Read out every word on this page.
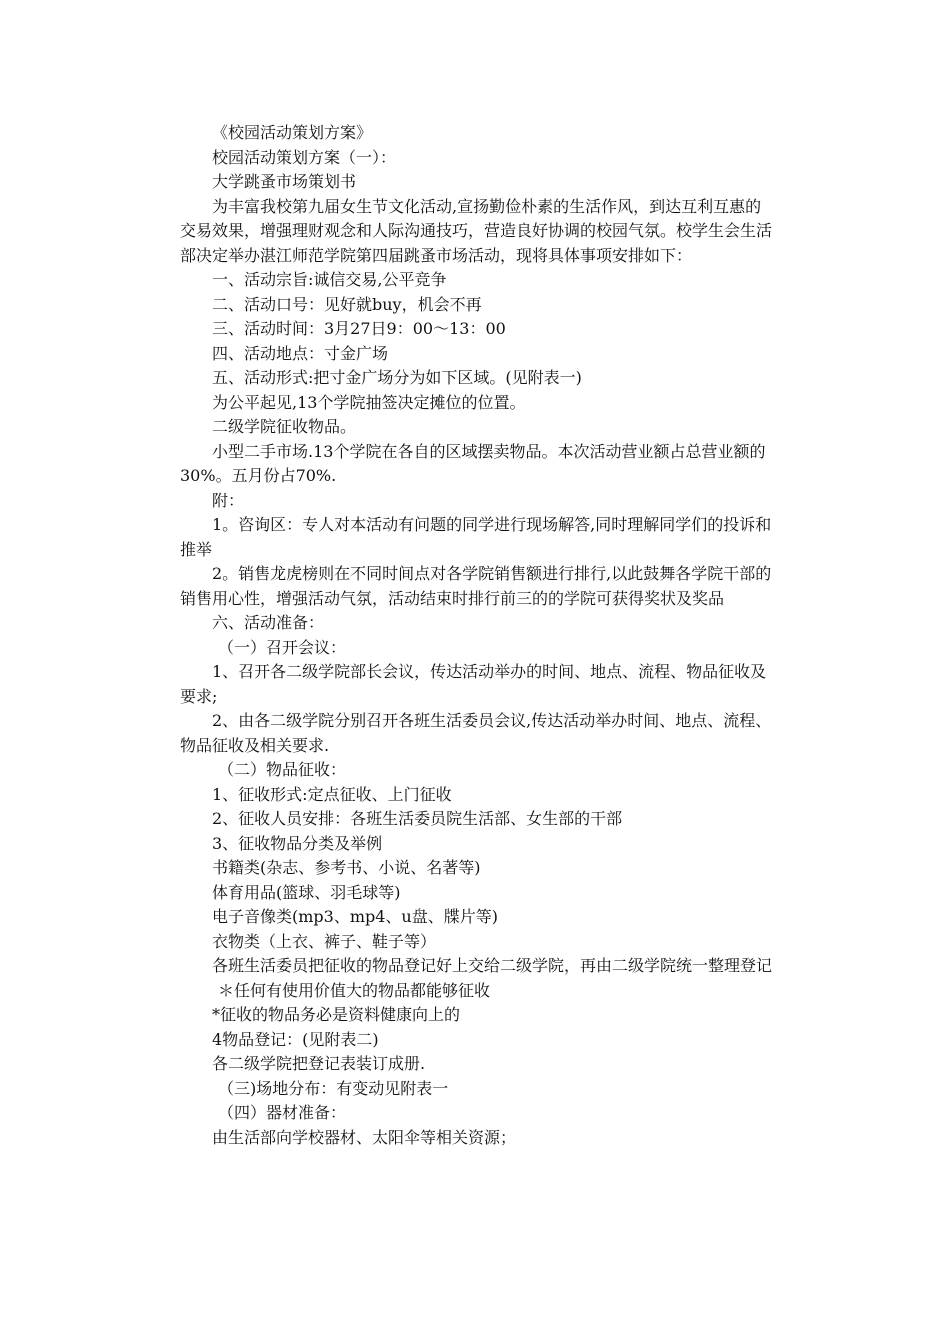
《校园活动策划方案》

校园活动策划方案（一）：

大学跳蚤市场策划书

为丰富我校第九届女生节文化活动,宣扬勤俭朴素的生活作风，到达互利互惠的交易效果，增强理财观念和人际沟通技巧，营造良好协调的校园气氛。校学生会生活部决定举办湛江师范学院第四届跳蚤市场活动，现将具体事项安排如下：

一、活动宗旨:诚信交易,公平竞争

二、活动口号：见好就buy，机会不再

三、活动时间：3月27日9：00～13：00

四、活动地点：寸金广场

五、活动形式:把寸金广场分为如下区域。(见附表一)

为公平起见,13个学院抽签决定摊位的位置。

二级学院征收物品。

小型二手市场.13个学院在各自的区域摆卖物品。本次活动营业额占总营业额的30%。五月份占70%.

附：

1。咨询区：专人对本活动有问题的同学进行现场解答,同时理解同学们的投诉和推举

2。销售龙虎榜则在不同时间点对各学院销售额进行排行,以此鼓舞各学院干部的销售用心性，增强活动气氛，活动结束时排行前三的的学院可获得奖状及奖品

六、活动准备：

（一）召开会议：

1、召开各二级学院部长会议，传达活动举办的时间、地点、流程、物品征收及要求;

2、由各二级学院分别召开各班生活委员会议,传达活动举办时间、地点、流程、物品征收及相关要求.

（二）物品征收：

1、征收形式:定点征收、上门征收

2、征收人员安排：各班生活委员院生活部、女生部的干部

3、征收物品分类及举例

书籍类(杂志、参考书、小说、名著等)

体育用品(篮球、羽毛球等)

电子音像类(mp3、mp4、u盘、牒片等)

衣物类（上衣、裤子、鞋子等）

各班生活委员把征收的物品登记好上交给二级学院，再由二级学院统一整理登记

＊任何有使用价值大的物品都能够征收

*征收的物品务必是资料健康向上的

4物品登记：(见附表二)

各二级学院把登记表装订成册.

（三)场地分布：有变动见附表一

（四）器材准备：

由生活部向学校器材、太阳伞等相关资源；
